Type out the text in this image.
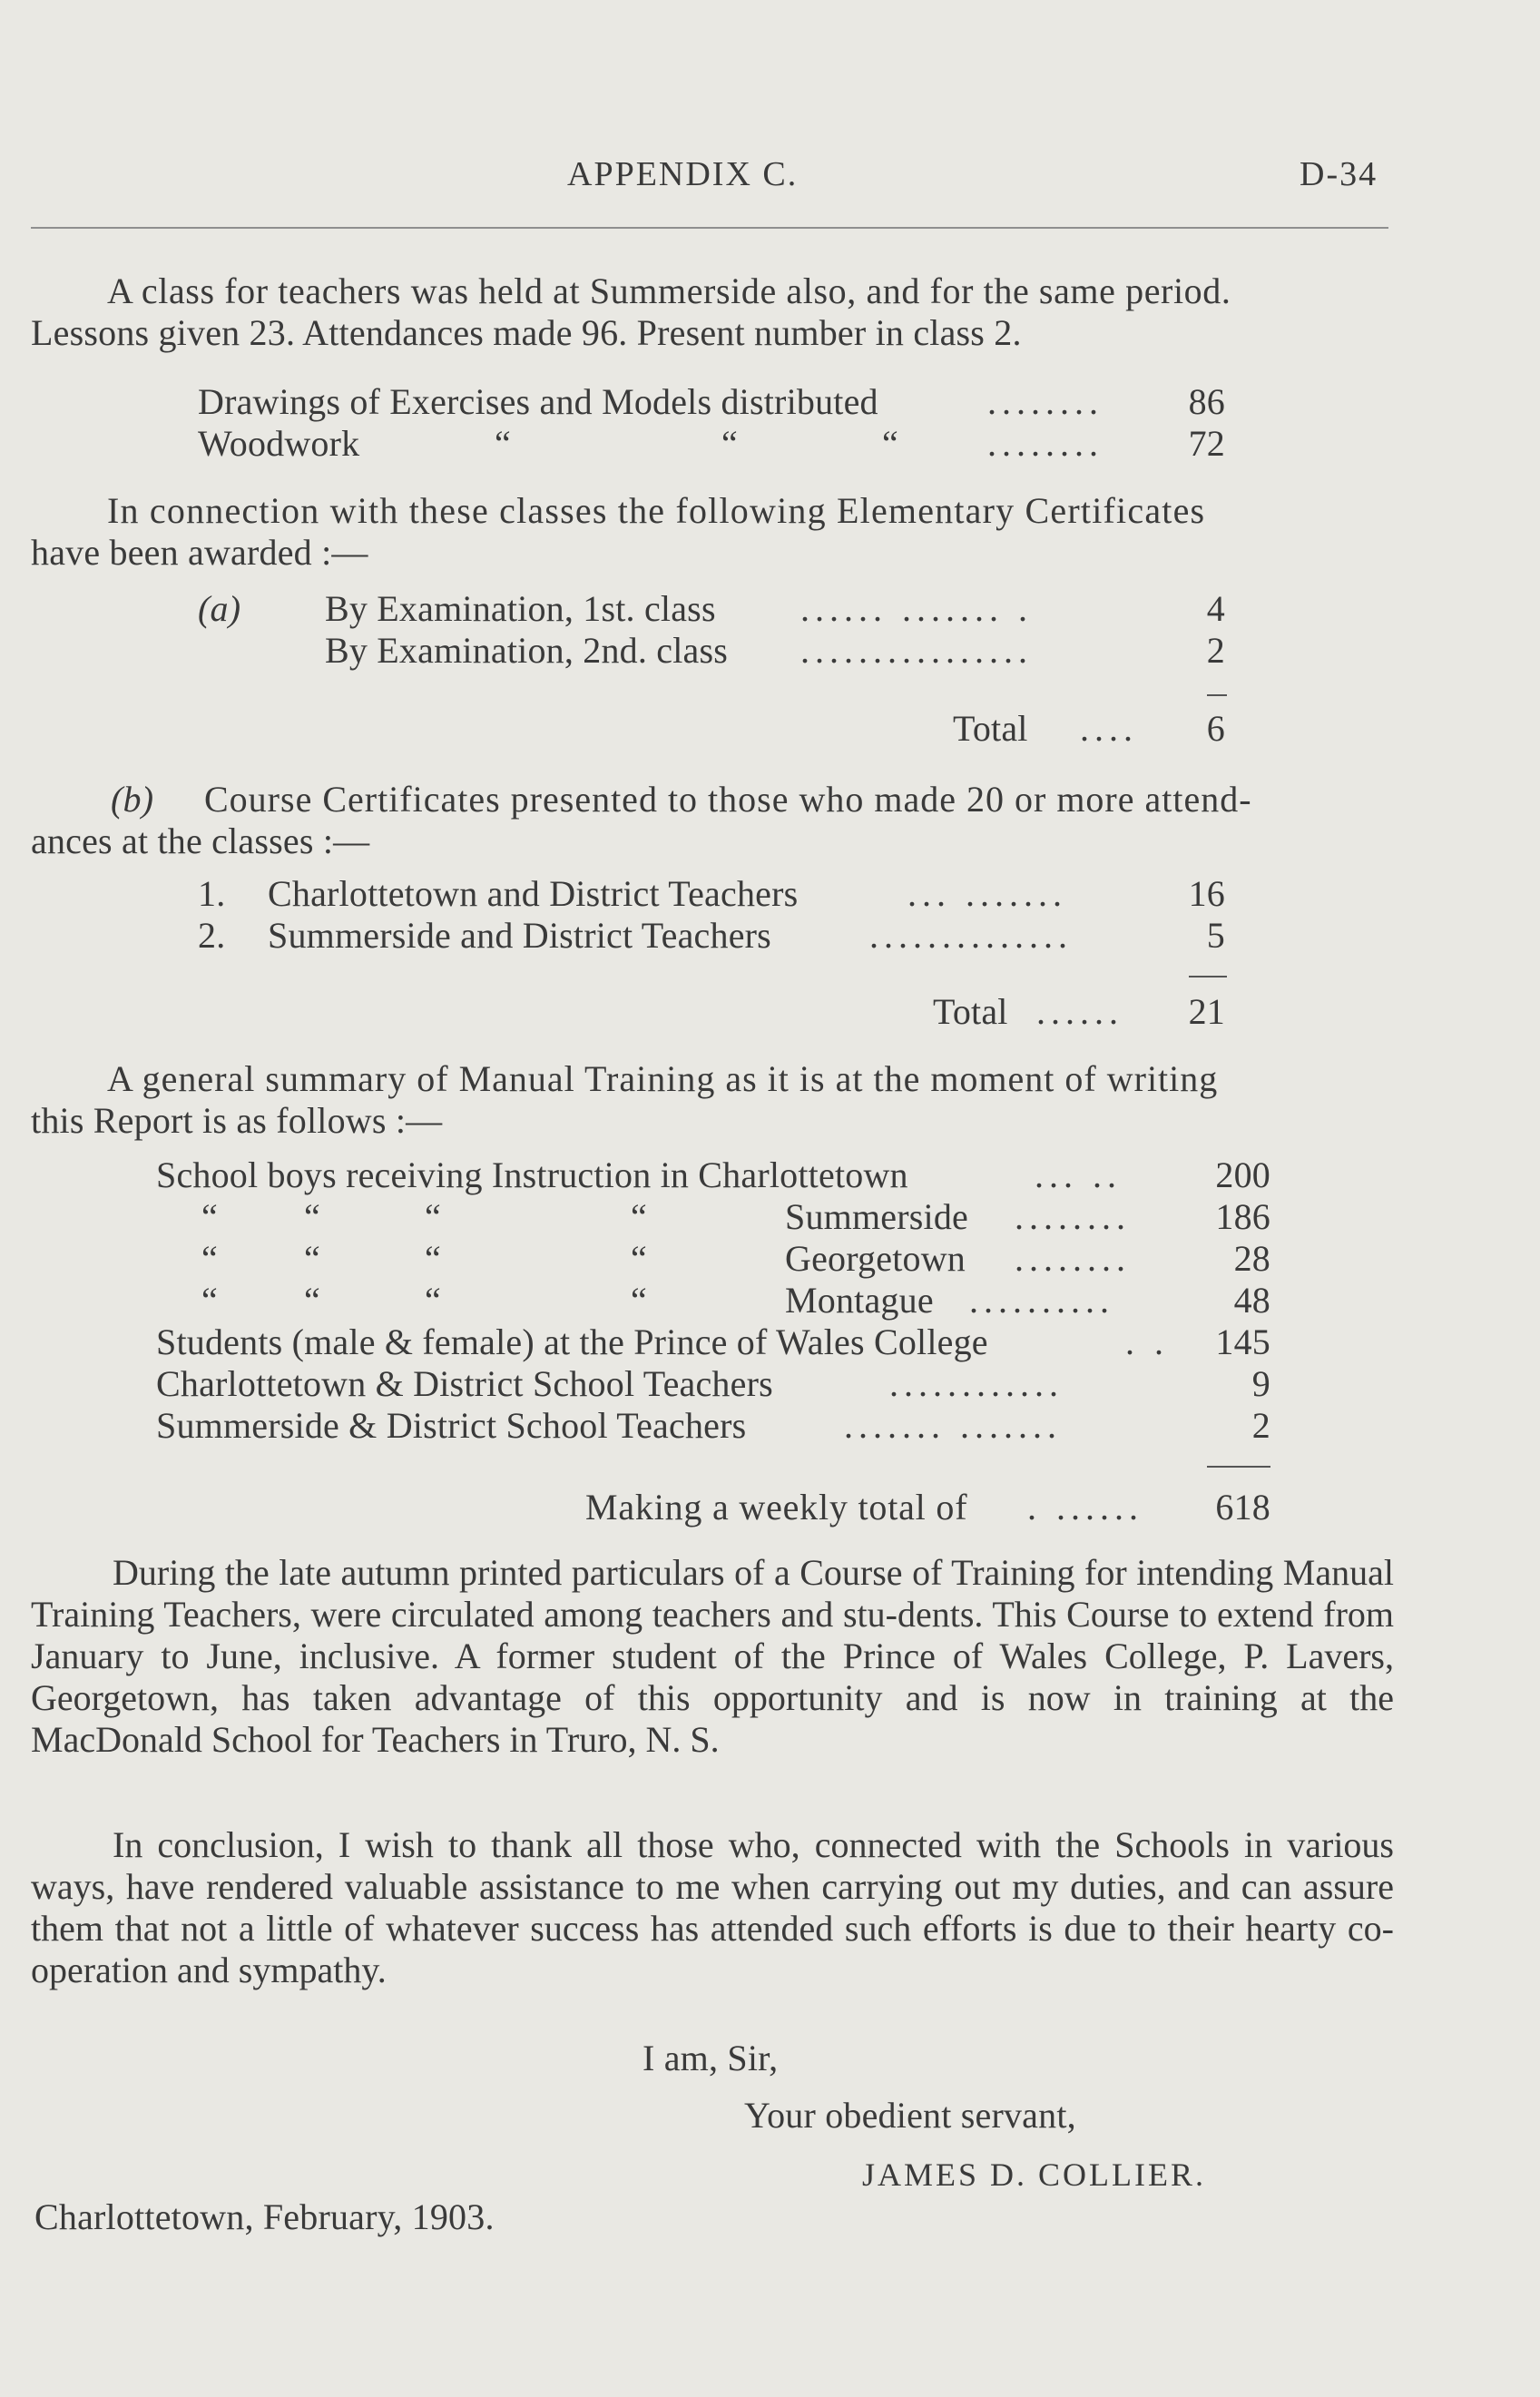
APPENDIX C.	D-34
A class for teachers was held at Summerside also, and for the same period.
Lessons given 23. Attendances made 96. Present number in class 2.
Drawings of Exercises and Models distributed	........	86
Woodwork	“	“	“ ........	72
In connection with these classes the following Elementary Certificates
have been awarded :—
(a) By Examination, 1st. class ...... ....... .	4
By Examination, 2nd. class ................	2
Total ....	6
(b) Course Certificates presented to those who made 20 or more attend-
ances at the classes :—
1. Charlottetown and District Teachers	... .......	16
2. Summerside and District Teachers	..............	5
Total ......	21
A general summary of Manual Training as it is at the moment of writing
this Report is as follows :—
School boys receiving Instruction in Charlottetown	... ..	200
“ “	“	“	Summerside ........	186
“ “	“	“	Georgetown ........	28
“ “	“	“	Montague ..........	48
Students (male & female) at the Prince of Wales College	. .	145
Charlottetown & District School Teachers	............	9
Summerside & District School Teachers	....... .......	2
Making a weekly total of . ......	618
During the late autumn printed particulars of a Course of Training for intending Manual Training Teachers, were circulated among teachers and stu-dents. This Course to extend from January to June, inclusive. A former student of the Prince of Wales College, P. Lavers, Georgetown, has taken advantage of this opportunity and is now in training at the MacDonald School for Teachers in Truro, N. S.
In conclusion, I wish to thank all those who, connected with the Schools in various ways, have rendered valuable assistance to me when carrying out my duties, and can assure them that not a little of whatever success has attended such efforts is due to their hearty co-operation and sympathy.
I am, Sir,
Your obedient servant,
JAMES D. COLLIER.
Charlottetown, February, 1903.
